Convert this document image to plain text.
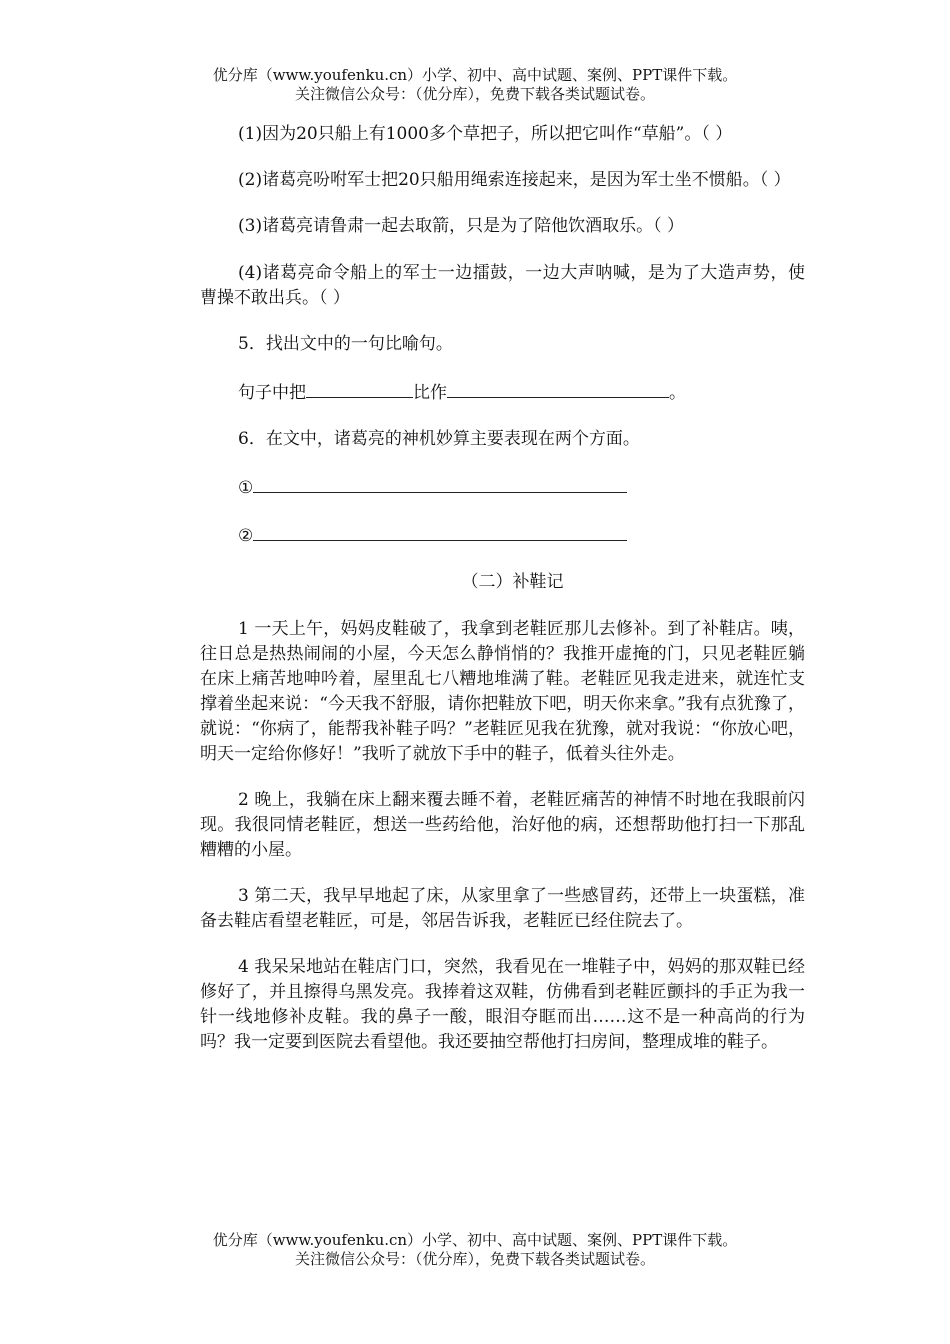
优分库（www.youfenku.cn）小学、初中、高中试题、案例、PPT课件下载。
关注微信公众号：（优分库），免费下载各类试题试卷。

(1)因为20只船上有1000多个草把子，所以把它叫作“草船”。（ ）

(2)诸葛亮吩咐军士把20只船用绳索连接起来，是因为军士坐不惯船。（ ）

(3)诸葛亮请鲁肃一起去取箭，只是为了陪他饮酒取乐。（ ）

(4)诸葛亮命令船上的军士一边擂鼓，一边大声呐喊，是为了大造声势，使曹操不敢出兵。（ ）

5．找出文中的一句比喻句。

句子中把	比作	。

6．在文中，诸葛亮的神机妙算主要表现在两个方面。

①
②
（二）补鞋记

1 一天上午，妈妈皮鞋破了，我拿到老鞋匠那儿去修补。到了补鞋店。咦，往日总是热热闹闹的小屋，今天怎么静悄悄的？我推开虚掩的门，只见老鞋匠躺在床上痛苦地呻吟着，屋里乱七八糟地堆满了鞋。老鞋匠见我走进来，就连忙支撑着坐起来说：“今天我不舒服，请你把鞋放下吧，明天你来拿。”我有点犹豫了，就说：“你病了，能帮我补鞋子吗？”老鞋匠见我在犹豫，就对我说：“你放心吧，明天一定给你修好！”我听了就放下手中的鞋子，低着头往外走。

2 晚上，我躺在床上翻来覆去睡不着，老鞋匠痛苦的神情不时地在我眼前闪现。我很同情老鞋匠，想送一些药给他，治好他的病，还想帮助他打扫一下那乱糟糟的小屋。

3 第二天，我早早地起了床，从家里拿了一些感冒药，还带上一块蛋糕，准备去鞋店看望老鞋匠，可是，邻居告诉我，老鞋匠已经住院去了。

4 我呆呆地站在鞋店门口，突然，我看见在一堆鞋子中，妈妈的那双鞋已经修好了，并且擦得乌黑发亮。我捧着这双鞋，仿佛看到老鞋匠颤抖的手正为我一针一线地修补皮鞋。我的鼻子一酸，眼泪夺眶而出……这不是一种高尚的行为吗？我一定要到医院去看望他。我还要抽空帮他打扫房间，整理成堆的鞋子。

优分库（www.youfenku.cn）小学、初中、高中试题、案例、PPT课件下载。
关注微信公众号：（优分库），免费下载各类试题试卷。
